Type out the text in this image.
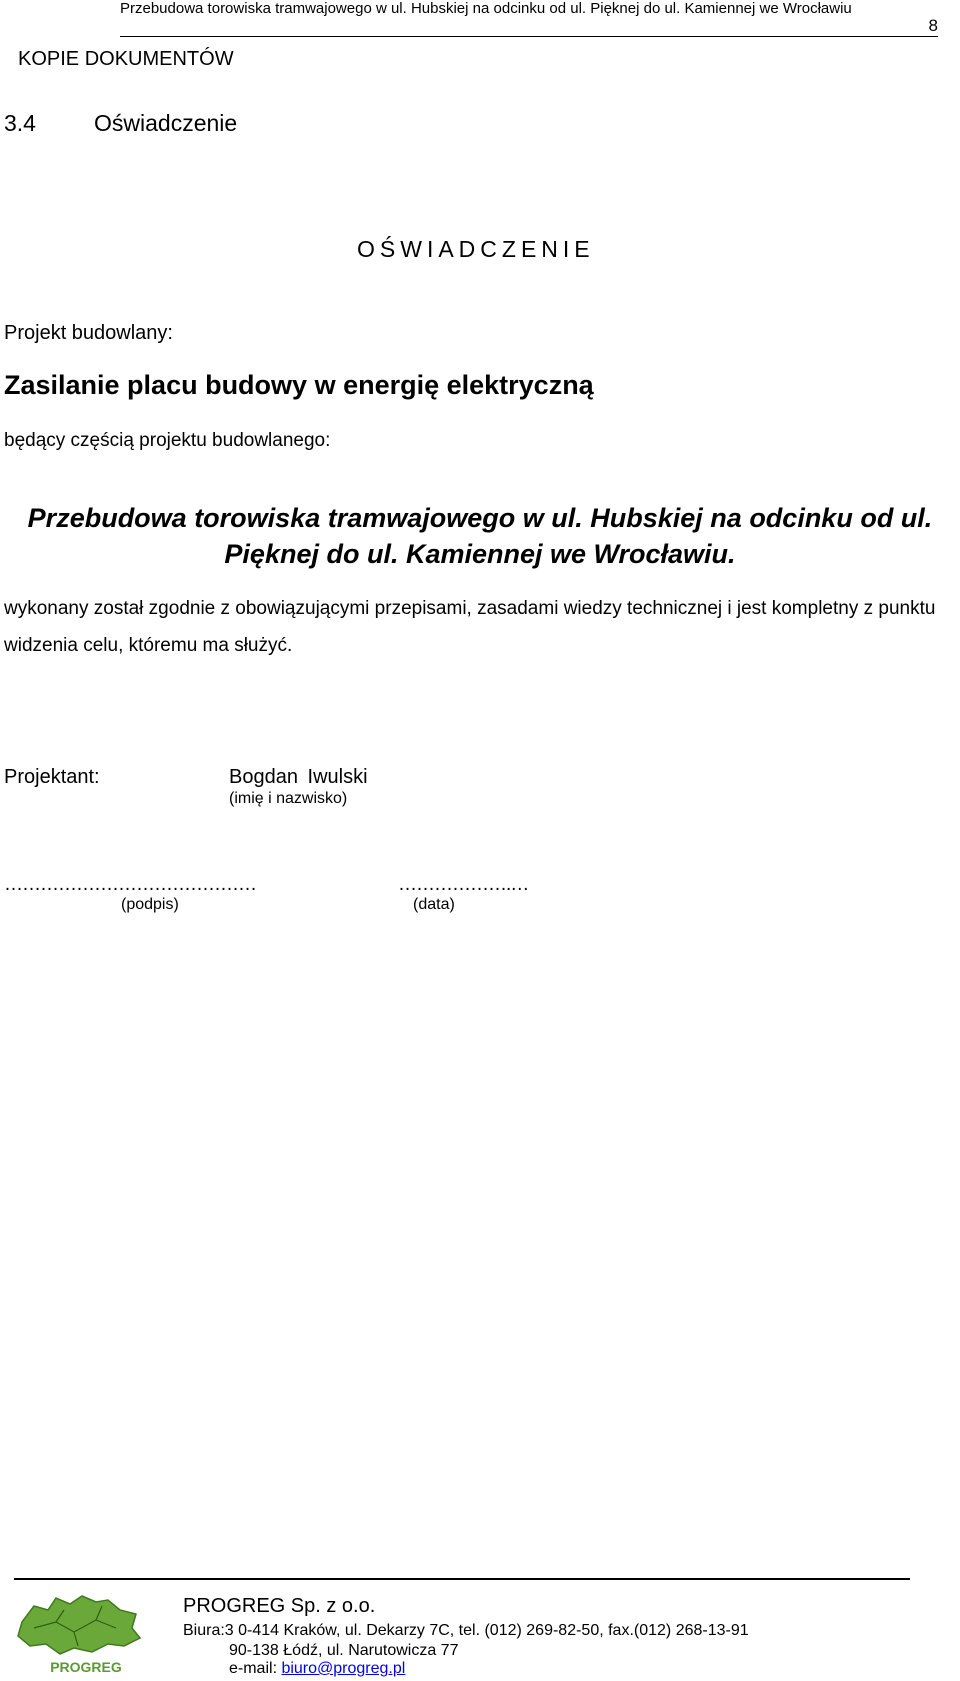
Przebudowa torowiska tramwajowego w ul. Hubskiej na odcinku od ul. Pięknej do ul. Kamiennej we Wrocławiu
8
KOPIE DOKUMENTÓW
3.4	Oświadczenie
OŚWIADCZENIE
Projekt budowlany:
Zasilanie placu budowy w energię elektryczną
będący częścią projektu budowlanego:
Przebudowa torowiska tramwajowego w ul. Hubskiej na odcinku od ul. Pięknej do ul. Kamiennej we Wrocławiu.
wykonany został zgodnie z obowiązującymi przepisami, zasadami wiedzy technicznej i jest kompletny z punktu widzenia celu, któremu ma służyć.
Projektant:	Bogdan Iwulski
(imię i nazwisko)
……………………………………	……………….…
(podpis)	(data)
PROGREG
PROGREG Sp. z o.o.
Biura:3 0-414 Kraków, ul. Dekarzy 7C, tel. (012) 269-82-50, fax.(012) 268-13-91
90-138 Łódź, ul. Narutowicza 77
e-mail: biuro@progreg.pl
